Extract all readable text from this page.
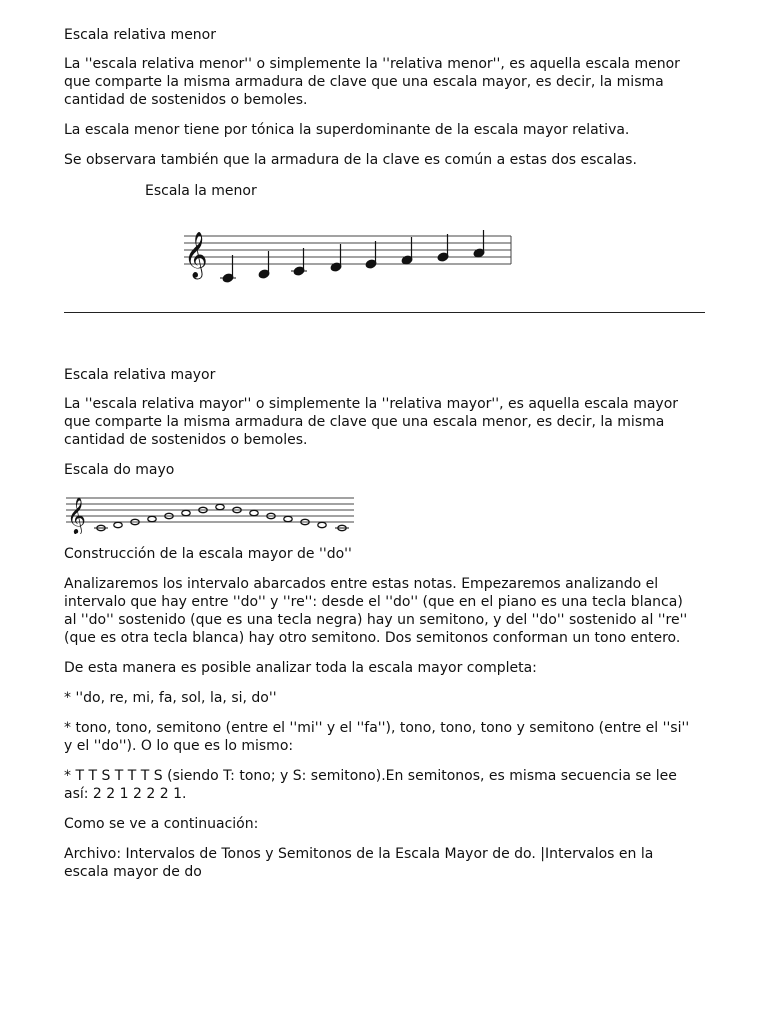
Escala relativa menor

La ''escala relativa menor'' o simplemente la ''relativa menor'', es aquella escala menor

que comparte la misma armadura de clave que una escala mayor, es decir, la misma

cantidad de sostenidos o bemoles.

La escala menor tiene por tónica la superdominante de la escala mayor relativa.

Se observara también que la armadura de la clave es común a estas dos escalas.

Escala la menor

𝄞

Escala relativa mayor

La ''escala relativa mayor'' o simplemente la ''relativa mayor'', es aquella escala mayor

que comparte la misma armadura de clave que una escala menor, es decir, la misma

cantidad de sostenidos o bemoles.

Escala do mayo

𝄞

Construcción de la escala mayor de ''do''

Analizaremos los intervalo abarcados entre estas notas. Empezaremos analizando el

intervalo que hay entre ''do'' y ''re'': desde el ''do'' (que en el piano es una tecla blanca)

al ''do'' sostenido (que es una tecla negra) hay un semitono, y del ''do'' sostenido al ''re''

(que es otra tecla blanca) hay otro semitono. Dos semitonos conforman un tono entero.

De esta manera es posible analizar toda la escala mayor completa:

* ''do, re, mi, fa, sol, la, si, do''

* tono, tono, semitono (entre el ''mi'' y el ''fa''), tono, tono, tono y semitono (entre el ''si''

y el ''do''). O lo que es lo mismo:

* T T S T T T S (siendo T: tono; y S: semitono).En semitonos, es misma secuencia se lee

así: 2 2 1 2 2 2 1.

Como se ve a continuación:

Archivo: Intervalos de Tonos y Semitonos de la Escala Mayor de do. |Intervalos en la

escala mayor de do
